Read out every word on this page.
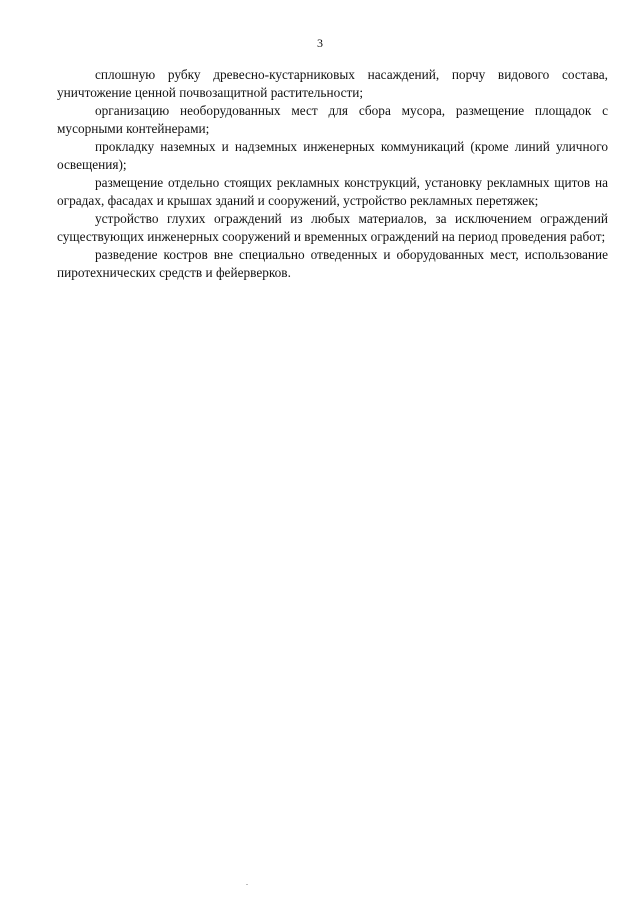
3

сплошную рубку древесно-кустарниковых насаждений, порчу видового состава, уничтожение ценной почвозащитной растительности;

организацию необорудованных мест для сбора мусора, размещение площадок с мусорными контейнерами;

прокладку наземных и надземных инженерных коммуникаций (кроме линий уличного освещения);

размещение отдельно стоящих рекламных конструкций, установку рекламных щитов на оградах, фасадах и крышах зданий и сооружений, устройство рекламных перетяжек;

устройство глухих ограждений из любых материалов, за исключением ограждений существующих инженерных сооружений и временных ограждений на период проведения работ;

разведение костров вне специально отведенных и оборудованных мест, использование пиротехнических средств и фейерверков.
